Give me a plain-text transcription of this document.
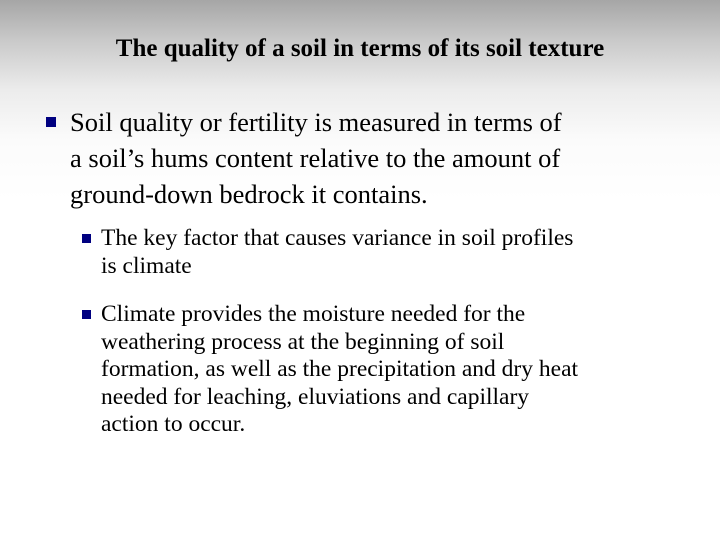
The quality of a soil in terms of its soil texture
Soil quality or fertility is measured in terms of
a soil’s hums content relative to the amount of
ground-down bedrock it contains.
The key factor that causes variance in soil profiles
is climate
Climate provides the moisture needed for the
weathering process at the beginning of soil
formation, as well as the precipitation and dry heat
needed for leaching, eluviations and capillary
action to occur.
